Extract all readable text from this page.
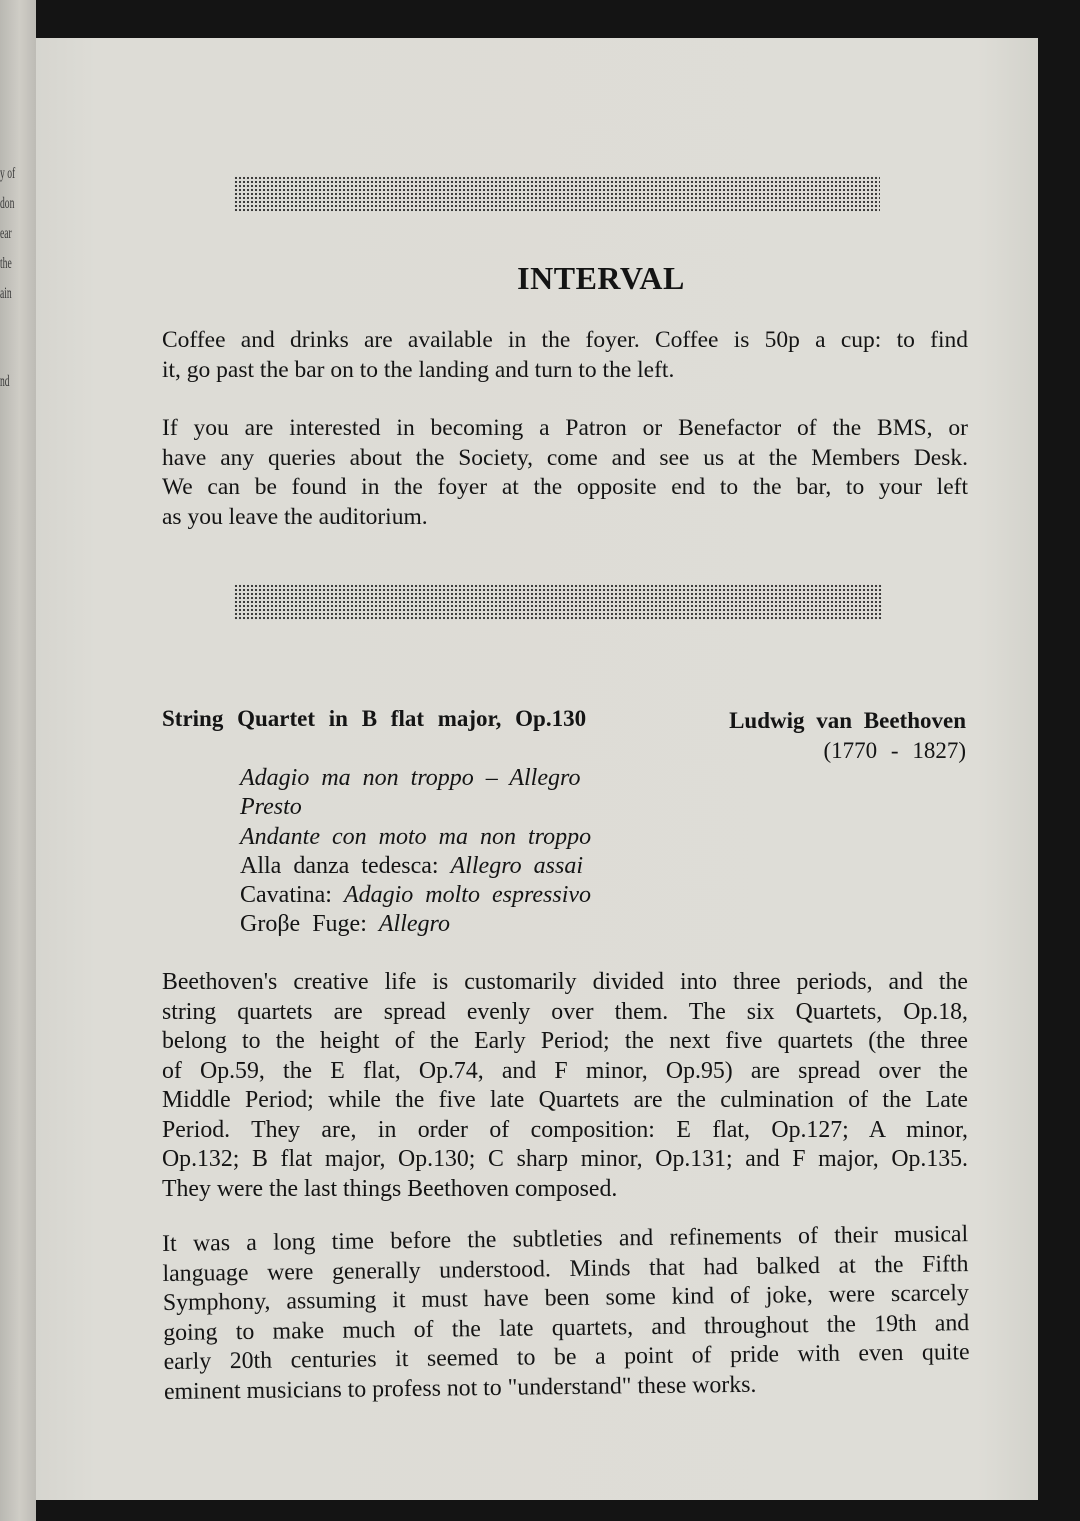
y of
don
ear
the
ain
nd
INTERVAL
Coffee and drinks are available in the foyer. Coffee is 50p a cup: to find
it, go past the bar on to the landing and turn to the left.
If you are interested in becoming a Patron or Benefactor of the BMS, or
have any queries about the Society, come and see us at the Members Desk.
We can be found in the foyer at the opposite end to the bar, to your left
as you leave the auditorium.
String Quartet in B flat major, Op.130	Ludwig van Beethoven
(1770 - 1827)
Adagio ma non troppo – Allegro
Presto
Andante con moto ma non troppo
Alla danza tedesca: Allegro assai
Cavatina: Adagio molto espressivo
Groβe Fuge: Allegro
Beethoven's creative life is customarily divided into three periods, and the
string quartets are spread evenly over them. The six Quartets, Op.18,
belong to the height of the Early Period; the next five quartets (the three
of Op.59, the E flat, Op.74, and F minor, Op.95) are spread over the
Middle Period; while the five late Quartets are the culmination of the Late
Period. They are, in order of composition: E flat, Op.127; A minor,
Op.132; B flat major, Op.130; C sharp minor, Op.131; and F major, Op.135.
They were the last things Beethoven composed.
It was a long time before the subtleties and refinements of their musical
language were generally understood. Minds that had balked at the Fifth
Symphony, assuming it must have been some kind of joke, were scarcely
going to make much of the late quartets, and throughout the 19th and
early 20th centuries it seemed to be a point of pride with even quite
eminent musicians to profess not to "understand" these works.
